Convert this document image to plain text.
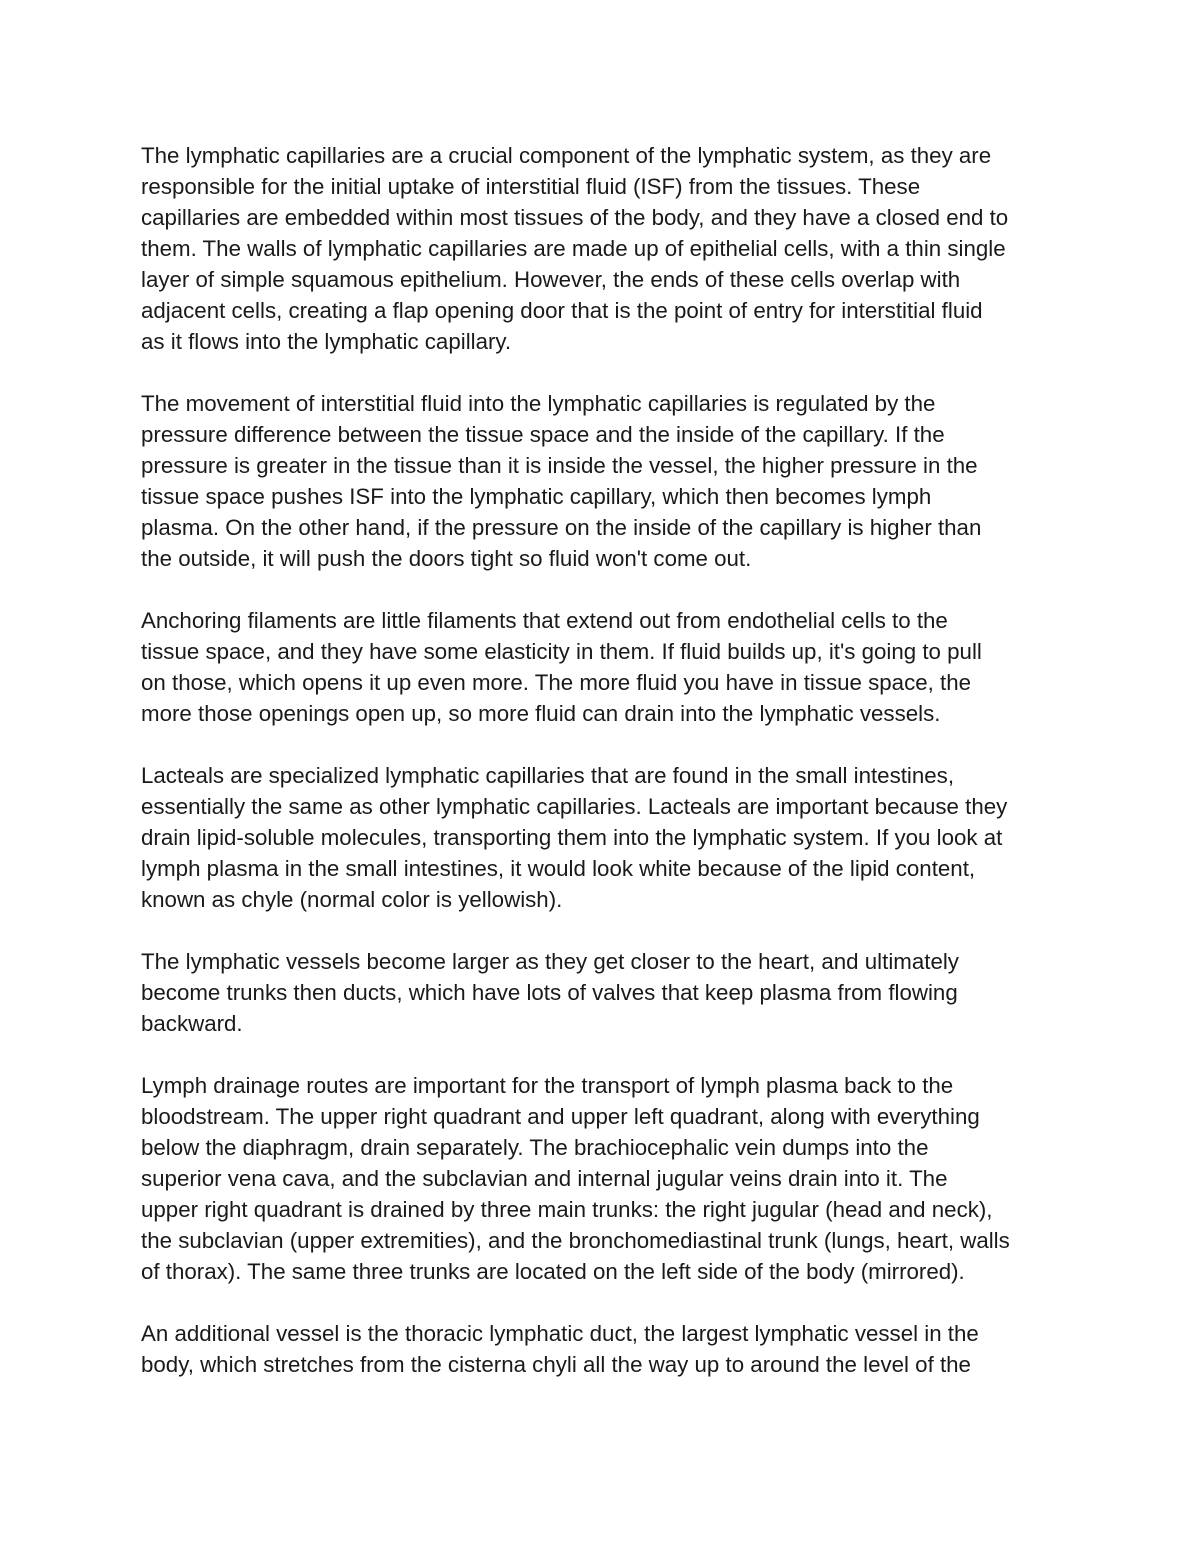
The lymphatic capillaries are a crucial component of the lymphatic system, as they are
responsible for the initial uptake of interstitial fluid (ISF) from the tissues. These
capillaries are embedded within most tissues of the body, and they have a closed end to
them. The walls of lymphatic capillaries are made up of epithelial cells, with a thin single
layer of simple squamous epithelium. However, the ends of these cells overlap with
adjacent cells, creating a flap opening door that is the point of entry for interstitial fluid
as it flows into the lymphatic capillary.

The movement of interstitial fluid into the lymphatic capillaries is regulated by the
pressure difference between the tissue space and the inside of the capillary. If the
pressure is greater in the tissue than it is inside the vessel, the higher pressure in the
tissue space pushes ISF into the lymphatic capillary, which then becomes lymph
plasma. On the other hand, if the pressure on the inside of the capillary is higher than
the outside, it will push the doors tight so fluid won't come out.

Anchoring filaments are little filaments that extend out from endothelial cells to the
tissue space, and they have some elasticity in them. If fluid builds up, it's going to pull
on those, which opens it up even more. The more fluid you have in tissue space, the
more those openings open up, so more fluid can drain into the lymphatic vessels.

Lacteals are specialized lymphatic capillaries that are found in the small intestines,
essentially the same as other lymphatic capillaries. Lacteals are important because they
drain lipid-soluble molecules, transporting them into the lymphatic system. If you look at
lymph plasma in the small intestines, it would look white because of the lipid content,
known as chyle (normal color is yellowish).

The lymphatic vessels become larger as they get closer to the heart, and ultimately
become trunks then ducts, which have lots of valves that keep plasma from flowing
backward.

Lymph drainage routes are important for the transport of lymph plasma back to the
bloodstream. The upper right quadrant and upper left quadrant, along with everything
below the diaphragm, drain separately. The brachiocephalic vein dumps into the
superior vena cava, and the subclavian and internal jugular veins drain into it. The
upper right quadrant is drained by three main trunks: the right jugular (head and neck),
the subclavian (upper extremities), and the bronchomediastinal trunk (lungs, heart, walls
of thorax). The same three trunks are located on the left side of the body (mirrored).

An additional vessel is the thoracic lymphatic duct, the largest lymphatic vessel in the
body, which stretches from the cisterna chyli all the way up to around the level of the
